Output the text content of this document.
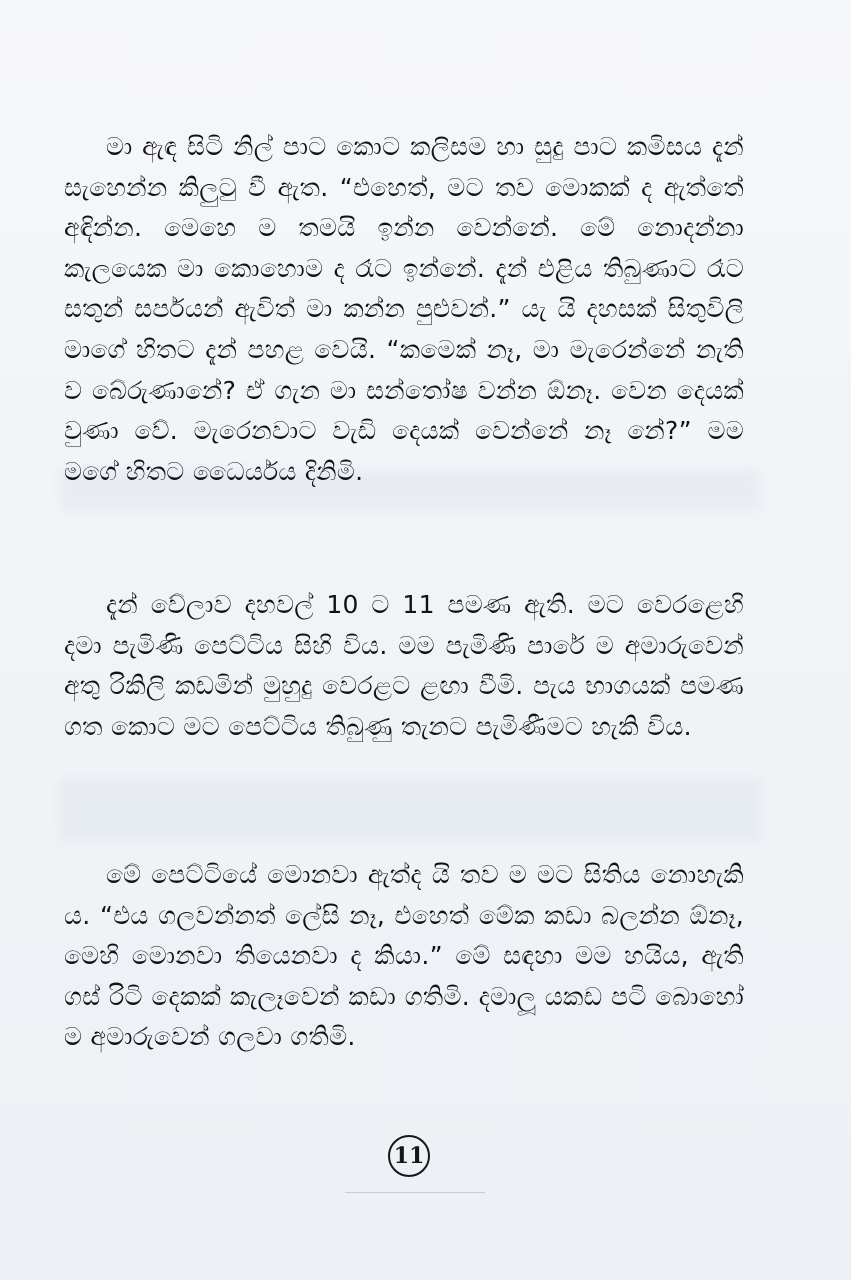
මා ඇඳ සිටි නිල් පාට කොට කලිසම හා සුදු පාට කමිසය දැන් සැහෙන්න කිලුටු වී ඇත. “එහෙත්, මට තව මොකක් ද ඇත්තේ අඳින්න. මෙහෙ ම තමයි ඉන්න වෙන්නේ. මේ නොදන්නා කැලයෙක මා කොහොම ද රෑට ඉන්නේ. දැන් එළිය තිබුණාට රෑට සතුන් සර්පයන් ඇවිත් මා කන්න පුළුවන්.” යැ යි දහසක් සිතුවිලි මාගේ හිතට දැන් පහළ වෙයි. “කමෙක් නෑ, මා මැරෙන්නේ නැති ව බේරුණානේ? ඒ ගැන මා සන්තෝෂ වන්න ඕනෑ. වෙන දෙයක් වුණා වේ. මැරෙනවාට වැඩි දෙයක් වෙන්නේ නෑ නේ?” මම මගේ හිතට ධෛර්යය දිනිමි.

දැන් වේලාව දහවල් 10 ට 11 පමණ ඇති. මට වෙරළෙහි දමා පැමිණි පෙට්ටිය සිහි විය. මම පැමිණි පාරේ ම අමාරුවෙන් අතු රිකිලි කඩමින් මුහුදු වෙරළට ළඟා වීමි. පැය භාගයක් පමණ ගත කොට මට පෙට්ටිය තිබුණු තැනට පැමිණීමට හැකි විය.

මේ පෙට්ටියේ මොනවා ඇත්ද යි තව ම මට සිතිය නොහැකි ය. “එය ගලවන්නත් ලේසි නෑ, එහෙත් මේක කඩා බලන්න ඕනෑ, මෙහි මොනවා තියෙනවා ද කියා.” මේ සඳහා මම හයිය, ඇති ගස් රිටි දෙකක් කැලෑවෙන් කඩා ගතිමි. දමාලූ යකඩ පටි බොහෝ ම අමාරුවෙන් ගලවා ගතිමි.

11
